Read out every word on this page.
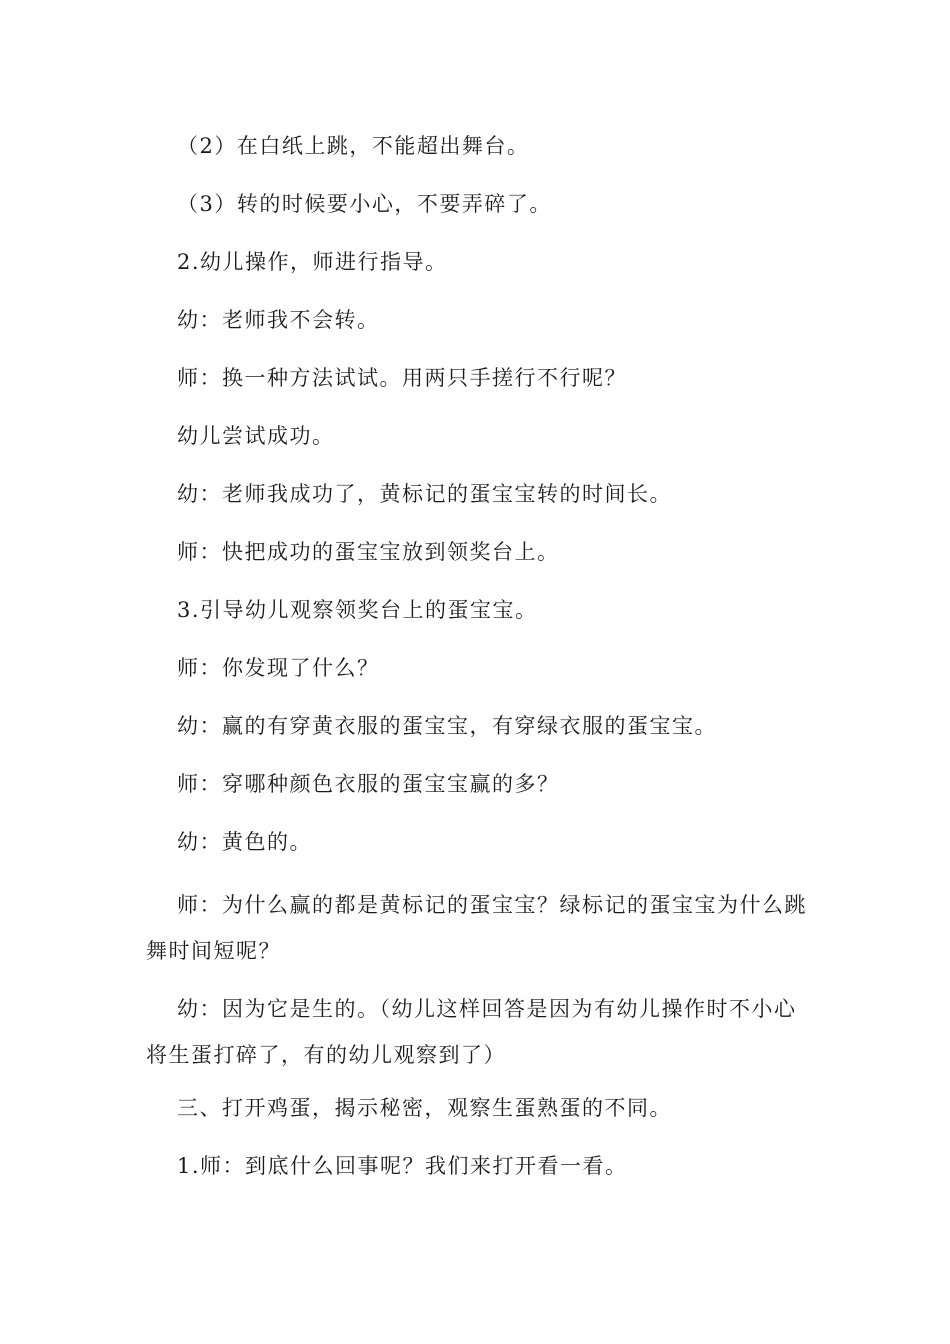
（2）在白纸上跳，不能超出舞台。

（3）转的时候要小心，不要弄碎了。

2.幼儿操作，师进行指导。

幼：老师我不会转。

师：换一种方法试试。用两只手搓行不行呢？

幼儿尝试成功。

幼：老师我成功了，黄标记的蛋宝宝转的时间长。

师：快把成功的蛋宝宝放到领奖台上。

3.引导幼儿观察领奖台上的蛋宝宝。

师：你发现了什么？

幼：赢的有穿黄衣服的蛋宝宝，有穿绿衣服的蛋宝宝。

师：穿哪种颜色衣服的蛋宝宝赢的多？

幼：黄色的。

师：为什么赢的都是黄标记的蛋宝宝？绿标记的蛋宝宝为什么跳舞时间短呢？

幼：因为它是生的。（幼儿这样回答是因为有幼儿操作时不小心将生蛋打碎了，有的幼儿观察到了）

三、打开鸡蛋，揭示秘密，观察生蛋熟蛋的不同。

1.师：到底什么回事呢？我们来打开看一看。
